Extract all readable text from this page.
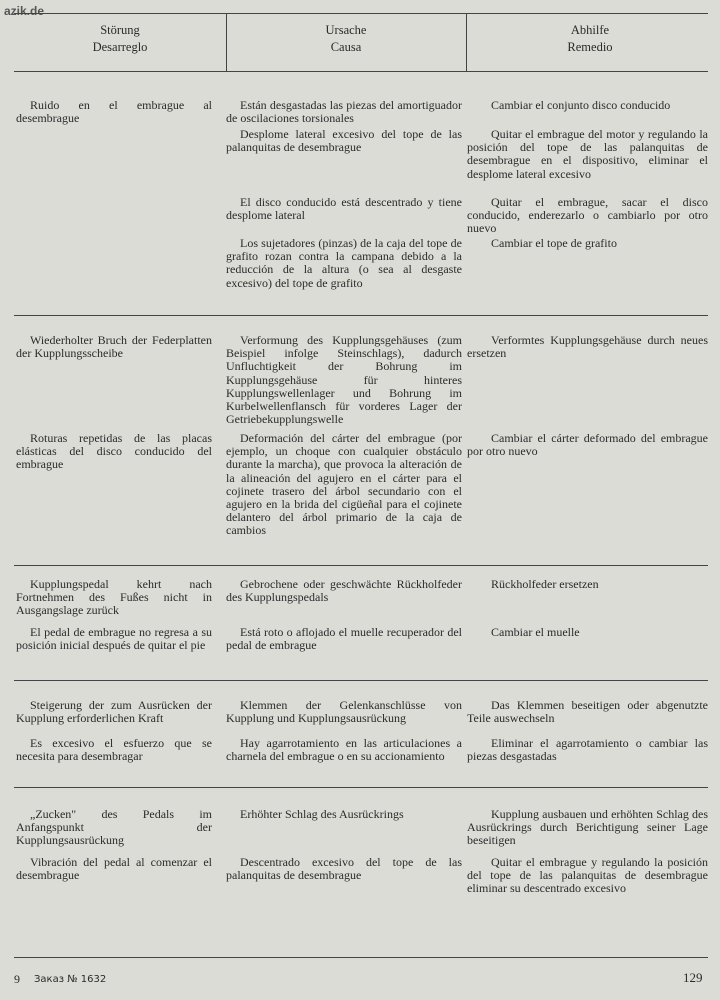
azik.de
Störung
Desarreglo
Ursache
Causa
Abhilfe
Remedio
Ruido en el embrague al desembrague
Están desgastadas las piezas del amortiguador de oscilaciones torsionales
Desplome lateral excesivo del tope de las palanquitas de desembrague
El disco conducido está descentrado y tiene desplome lateral
Los sujetadores (pinzas) de la caja del tope de grafito rozan contra la campana debido a la reducción de la altura (o sea al desgaste excesivo) del tope de grafito
Cambiar el conjunto disco conducido
Quitar el embrague del motor y regulando la posición del tope de las palanquitas de desembrague en el dispositivo, eliminar el desplome lateral excesivo
Quitar el embrague, sacar el disco conducido, enderezarlo o cambiarlo por otro nuevo
Cambiar el tope de grafito
Wiederholter Bruch der Federplatten der Kupplungsscheibe
Verformung des Kupplungsgehäuses (zum Beispiel infolge Steinschlags), dadurch Unfluchtigkeit der Bohrung im Kupplungsgehäuse für hinteres Kupplungswellenlager und Bohrung im Kurbelwellenflansch für vorderes Lager der Getriebekupplungswelle
Verformtes Kupplungsgehäuse durch neues ersetzen
Roturas repetidas de las placas elásticas del disco conducido del embrague
Deformación del cárter del embrague (por ejemplo, un choque con cualquier obstáculo durante la marcha), que provoca la alteración de la alineación del agujero en el cárter para el cojinete trasero del árbol secundario con el agujero en la brida del cigüeñal para el cojinete delantero del árbol primario de la caja de cambios
Cambiar el cárter deformado del embrague por otro nuevo
Kupplungspedal kehrt nach Fortnehmen des Fußes nicht in Ausgangslage zurück
Gebrochene oder geschwächte Rückholfeder des Kupplungspedals
Rückholfeder ersetzen
El pedal de embrague no regresa a su posición inicial después de quitar el pie
Está roto o aflojado el muelle recuperador del pedal de embrague
Cambiar el muelle
Steigerung der zum Ausrücken der Kupplung erforderlichen Kraft
Klemmen der Gelenkanschlüsse von Kupplung und Kupplungsausrückung
Das Klemmen beseitigen oder abgenutzte Teile auswechseln
Es excesivo el esfuerzo que se necesita para desembragar
Hay agarrotamiento en las articulaciones a charnela del embrague o en su accionamiento
Eliminar el agarrotamiento o cambiar las piezas desgastadas
„Zucken" des Pedals im Anfangspunkt der Kupplungsausrückung
Erhöhter Schlag des Ausrückrings	Kupplung ausbauen und erhöhten Schlag des Ausrückrings durch Berichtigung seiner Lage beseitigen
Vibración del pedal al comenzar el desembrague
Descentrado excesivo del tope de las palanquitas de desembrague
Quitar el embrague y regulando la posición del tope de las palanquitas de desembrague eliminar su descentrado excesivo
9 Заказ № 1632	129
